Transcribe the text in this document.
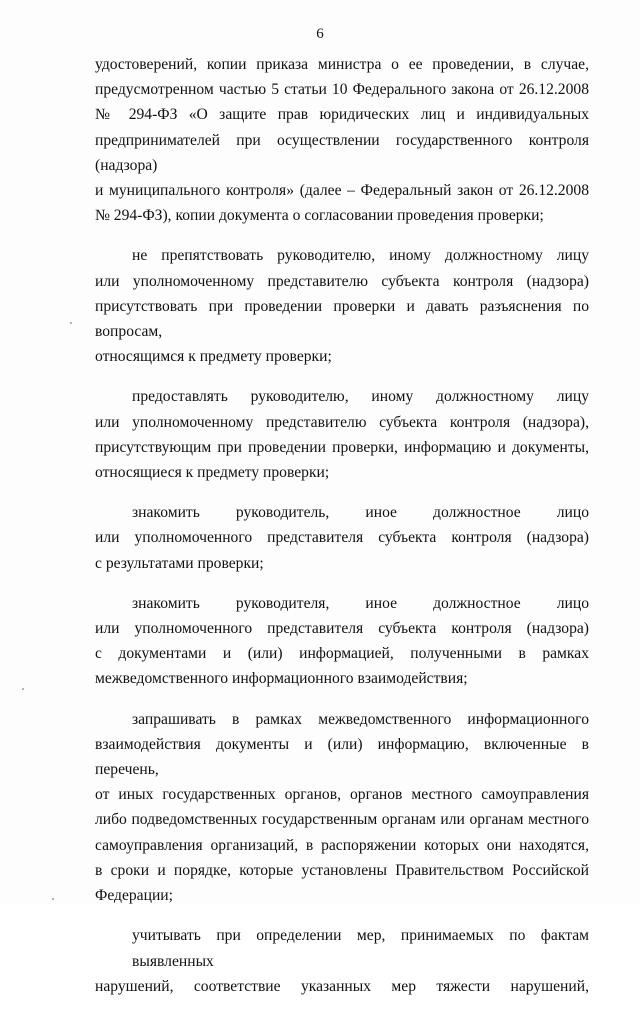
6

удостоверений, копии приказа министра о ее проведении, в случае,
предусмотренном частью 5 статьи 10 Федерального закона от 26.12.2008
№ 294-ФЗ «О защите прав юридических лиц и индивидуальных
предпринимателей при осуществлении государственного контроля (надзора)
и муниципального контроля» (далее – Федеральный закон от 26.12.2008
№ 294-ФЗ), копии документа о согласовании проведения проверки;

не препятствовать руководителю, иному должностному лицу
или уполномоченному представителю субъекта контроля (надзора)
присутствовать при проведении проверки и давать разъяснения по вопросам,
относящимся к предмету проверки;

предоставлять руководителю, иному должностному лицу
или уполномоченному представителю субъекта контроля (надзора),
присутствующим при проведении проверки, информацию и документы,
относящиеся к предмету проверки;

знакомить руководитель, иное должностное лицо
или уполномоченного представителя субъекта контроля (надзора)
с результатами проверки;

знакомить руководителя, иное должностное лицо
или уполномоченного представителя субъекта контроля (надзора)
с документами и (или) информацией, полученными в рамках
межведомственного информационного взаимодействия;

запрашивать в рамках межведомственного информационного
взаимодействия документы и (или) информацию, включенные в перечень,
от иных государственных органов, органов местного самоуправления
либо подведомственных государственным органам или органам местного
самоуправления организаций, в распоряжении которых они находятся,
в сроки и порядке, которые установлены Правительством Российской
Федерации;

учитывать при определении мер, принимаемых по фактам выявленных
нарушений, соответствие указанных мер тяжести нарушений,
